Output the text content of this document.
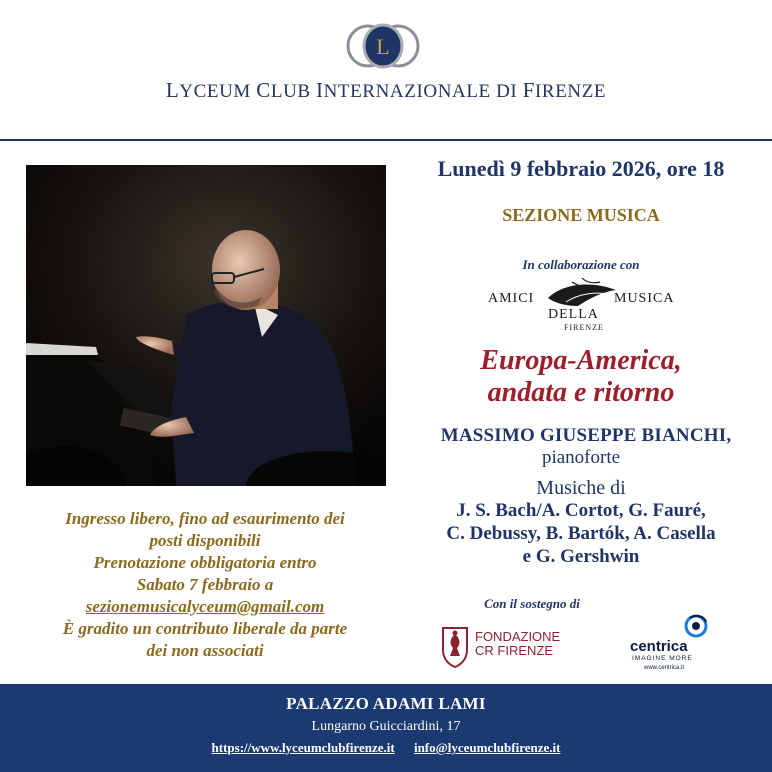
L
LYCEUM CLUB INTERNAZIONALE DI FIRENZE
Lunedì 9 febbraio 2026, ore 18
SEZIONE MUSICA
In collaborazione con
AMICI	MUSICA
DELLA
FIRENZE
Europa-America,
andata e ritorno
MASSIMO GIUSEPPE BIANCHI,
pianoforte
Musiche di
J. S. Bach/A. Cortot, G. Fauré,
C. Debussy, B. Bartók, A. Casella
e G. Gershwin
Con il sostegno di
Ingresso libero, fino ad esaurimento dei
posti disponibili
Prenotazione obbligatoria entro
Sabato 7 febbraio a
sezionemusicalyceum@gmail.com
È gradito un contributo liberale da parte
dei non associati
FONDAZIONE
CR FIRENZE	centrica
IMAGINE MORE
www.centrica.it
PALAZZO ADAMI LAMI
Lungarno Guicciardini, 17
https://www.lyceumclubfirenze.it info@lyceumclubfirenze.it
